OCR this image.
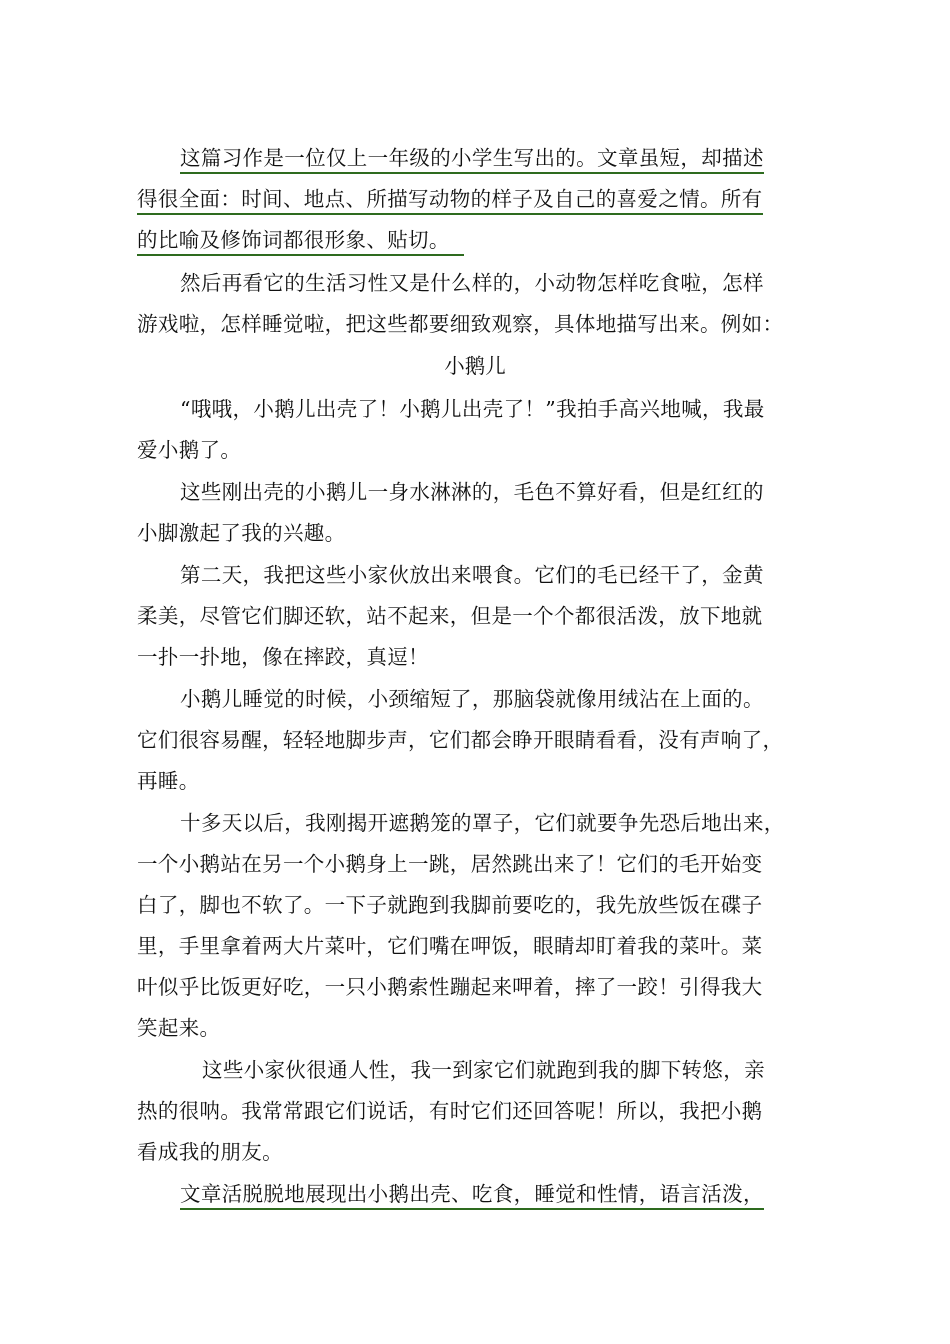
这篇习作是一位仅上一年级的小学生写出的。文章虽短，却描述
得很全面：时间、地点、所描写动物的样子及自己的喜爱之情。所有
的比喻及修饰词都很形象、贴切。
然后再看它的生活习性又是什么样的，小动物怎样吃食啦，怎样
游戏啦，怎样睡觉啦，把这些都要细致观察，具体地描写出来。例如：
小鹅儿
“哦哦，小鹅儿出壳了！小鹅儿出壳了！”我拍手高兴地喊，我最
爱小鹅了。
这些刚出壳的小鹅儿一身水淋淋的，毛色不算好看，但是红红的
小脚激起了我的兴趣。
第二天，我把这些小家伙放出来喂食。它们的毛已经干了，金黄
柔美，尽管它们脚还软，站不起来，但是一个个都很活泼，放下地就
一扑一扑地，像在摔跤，真逗！
小鹅儿睡觉的时候，小颈缩短了，那脑袋就像用绒沾在上面的。
它们很容易醒，轻轻地脚步声，它们都会睁开眼睛看看，没有声响了，
再睡。
十多天以后，我刚揭开遮鹅笼的罩子，它们就要争先恐后地出来，
一个小鹅站在另一个小鹅身上一跳，居然跳出来了！它们的毛开始变
白了，脚也不软了。一下子就跑到我脚前要吃的，我先放些饭在碟子
里，手里拿着两大片菜叶，它们嘴在呷饭，眼睛却盯着我的菜叶。菜
叶似乎比饭更好吃，一只小鹅索性蹦起来呷着，摔了一跤！引得我大
笑起来。
这些小家伙很通人性，我一到家它们就跑到我的脚下转悠，亲
热的很呐。我常常跟它们说话，有时它们还回答呢！所以，我把小鹅
看成我的朋友。
文章活脱脱地展现出小鹅出壳、吃食，睡觉和性情，语言活泼，
